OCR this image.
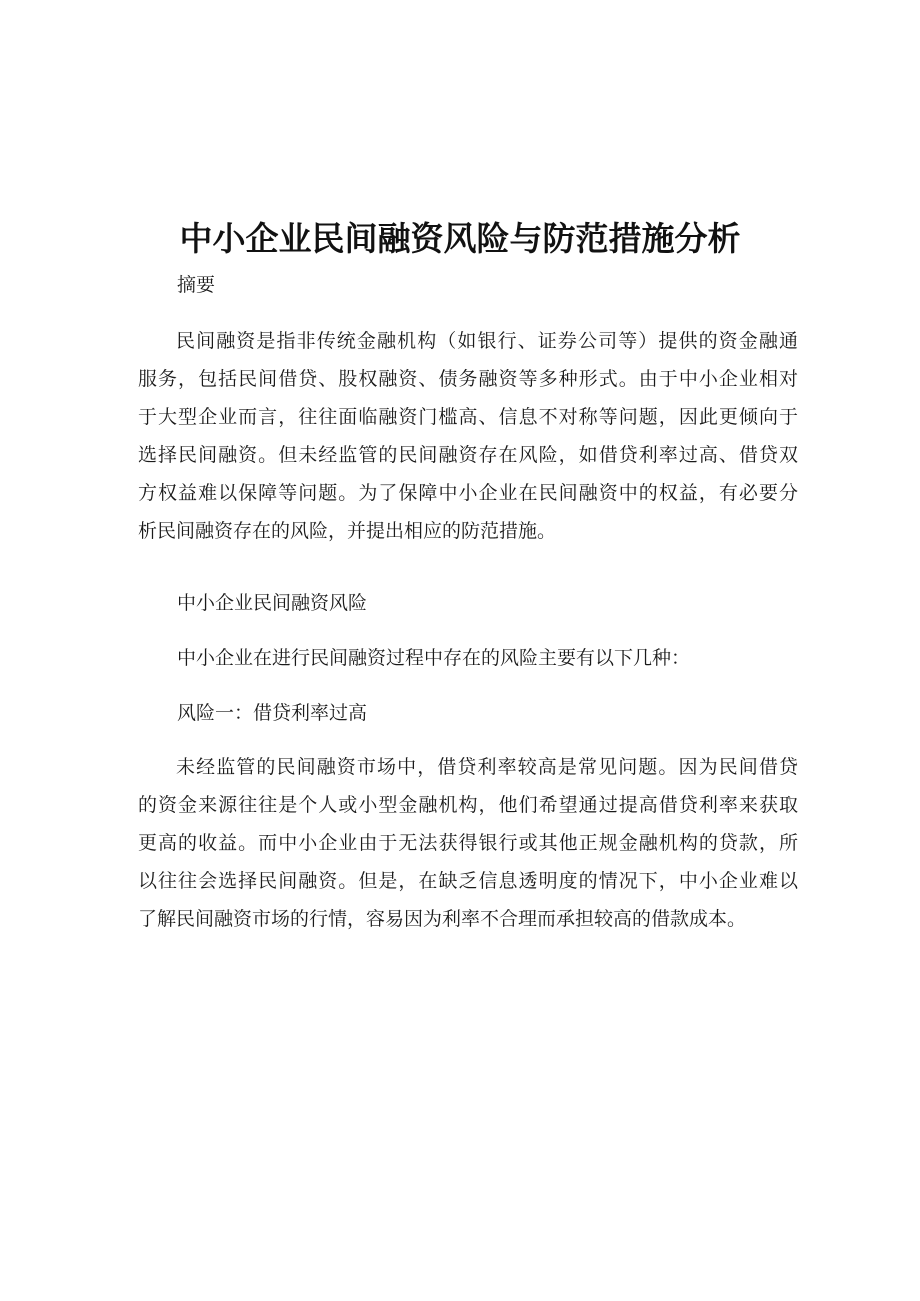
中小企业民间融资风险与防范措施分析
摘要
民间融资是指非传统金融机构（如银行、证券公司等）提供的资金融通
服务，包括民间借贷、股权融资、债务融资等多种形式。由于中小企业相对
于大型企业而言，往往面临融资门槛高、信息不对称等问题，因此更倾向于
选择民间融资。但未经监管的民间融资存在风险，如借贷利率过高、借贷双
方权益难以保障等问题。为了保障中小企业在民间融资中的权益，有必要分
析民间融资存在的风险，并提出相应的防范措施。
中小企业民间融资风险
中小企业在进行民间融资过程中存在的风险主要有以下几种：
风险一：借贷利率过高
未经监管的民间融资市场中，借贷利率较高是常见问题。因为民间借贷
的资金来源往往是个人或小型金融机构，他们希望通过提高借贷利率来获取
更高的收益。而中小企业由于无法获得银行或其他正规金融机构的贷款，所
以往往会选择民间融资。但是，在缺乏信息透明度的情况下，中小企业难以
了解民间融资市场的行情，容易因为利率不合理而承担较高的借款成本。
